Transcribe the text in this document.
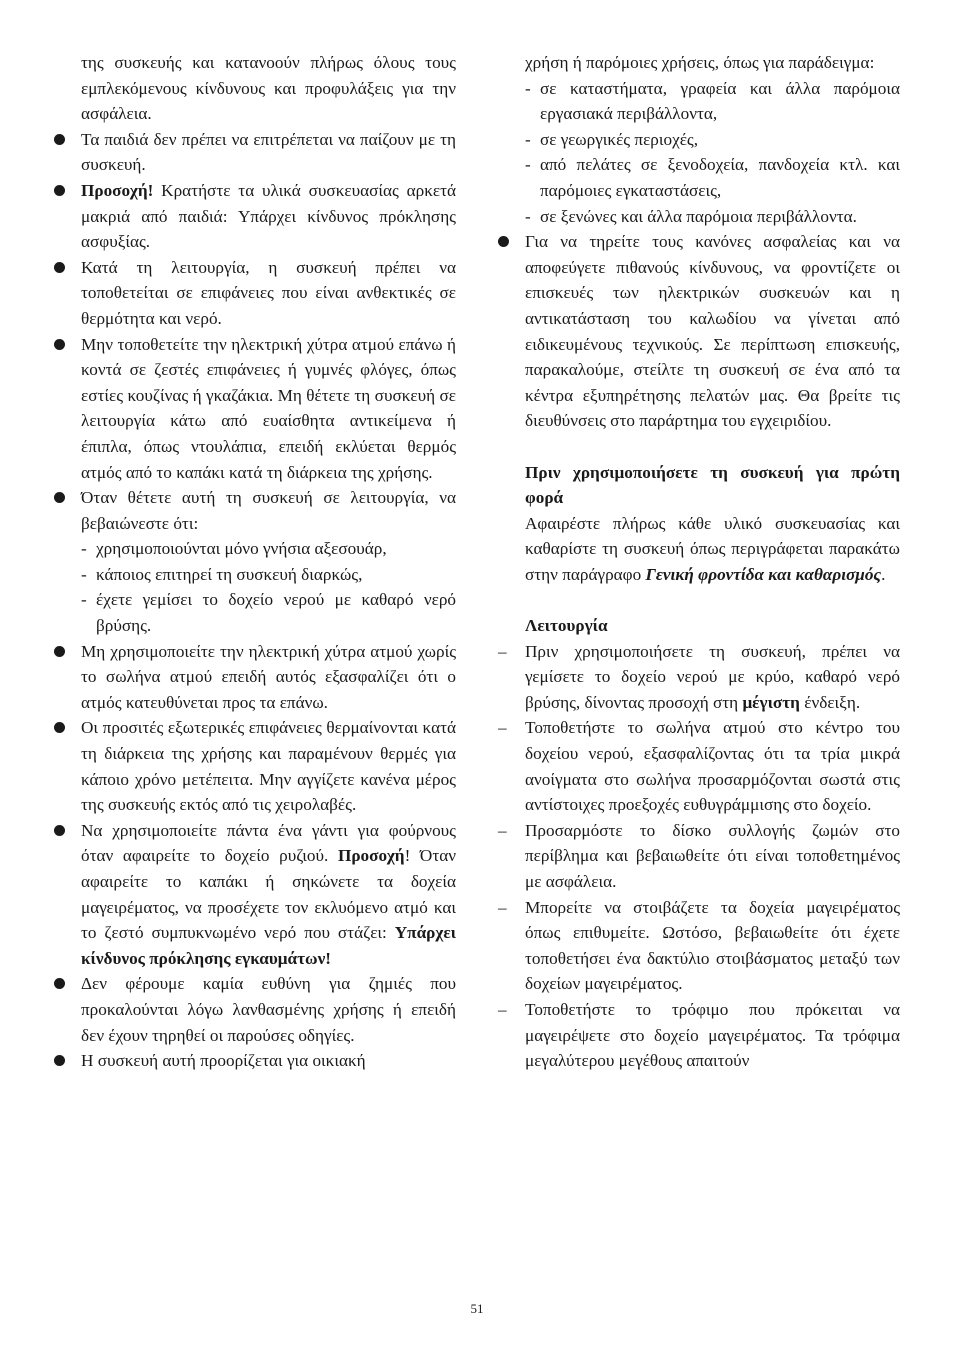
της συσκευής και κατανοούν πλήρως όλους τους εμπλεκόμενους κίνδυνους και προφυλάξεις για την ασφάλεια.

Τα παιδιά δεν πρέπει να επιτρέπεται να παίζουν με τη συσκευή.

Προσοχή! Κρατήστε τα υλικά συσκευασίας αρκετά μακριά από παιδιά: Υπάρχει κίνδυνος πρόκλησης ασφυξίας.

Κατά τη λειτουργία, η συσκευή πρέπει να τοποθετείται σε επιφάνειες που είναι ανθεκτικές σε θερμότητα και νερό.

Μην τοποθετείτε την ηλεκτρική χύτρα ατμού επάνω ή κοντά σε ζεστές επιφάνειες ή γυμνές φλόγες, όπως εστίες κουζίνας ή γκαζάκια. Μη θέτετε τη συσκευή σε λειτουργία κάτω από ευαίσθητα αντικείμενα ή έπιπλα, όπως ντουλάπια, επειδή εκλύεται θερμός ατμός από το καπάκι κατά τη διάρκεια της χρήσης.

Όταν θέτετε αυτή τη συσκευή σε λειτουργία, να βεβαιώνεστε ότι:

- χρησιμοποιούνται μόνο γνήσια αξεσουάρ,

- κάποιος επιτηρεί τη συσκευή διαρκώς,

- έχετε γεμίσει το δοχείο νερού με καθαρό νερό βρύσης.

Μη χρησιμοποιείτε την ηλεκτρική χύτρα ατμού χωρίς το σωλήνα ατμού επειδή αυτός εξασφαλίζει ότι ο ατμός κατευθύνεται προς τα επάνω.

Οι προσιτές εξωτερικές επιφάνειες θερμαίνονται κατά τη διάρκεια της χρήσης και παραμένουν θερμές για κάποιο χρόνο μετέπειτα. Μην αγγίζετε κανένα μέρος της συσκευής εκτός από τις χειρολαβές.

Να χρησιμοποιείτε πάντα ένα γάντι για φούρνους όταν αφαιρείτε το δοχείο ρυζιού. Προσοχή! Όταν αφαιρείτε το καπάκι ή σηκώνετε τα δοχεία μαγειρέματος, να προσέχετε τον εκλυόμενο ατμό και το ζεστό συμπυκνωμένο νερό που στάζει: Υπάρχει κίνδυνος πρόκλησης εγκαυμάτων!

Δεν φέρουμε καμία ευθύνη για ζημιές που προκαλούνται λόγω λανθασμένης χρήσης ή επειδή δεν έχουν τηρηθεί οι παρούσες οδηγίες.

Η συσκευή αυτή προορίζεται για οικιακή

χρήση ή παρόμοιες χρήσεις, όπως για παράδειγμα:

- σε καταστήματα, γραφεία και άλλα παρόμοια εργασιακά περιβάλλοντα,

- σε γεωργικές περιοχές,

- από πελάτες σε ξενοδοχεία, πανδοχεία κτλ. και παρόμοιες εγκαταστάσεις,

- σε ξενώνες και άλλα παρόμοια περιβάλλοντα.

Για να τηρείτε τους κανόνες ασφαλείας και να αποφεύγετε πιθανούς κίνδυνους, να φροντίζετε οι επισκευές των ηλεκτρικών συσκευών και η αντικατάσταση του καλωδίου να γίνεται από ειδικευμένους τεχνικούς. Σε περίπτωση επισκευής, παρακαλούμε, στείλτε τη συσκευή σε ένα από τα κέντρα εξυπηρέτησης πελατών μας. Θα βρείτε τις διευθύνσεις στο παράρτημα του εγχειριδίου.

Πριν χρησιμοποιήσετε τη συσκευή για πρώτη φορά

Αφαιρέστε πλήρως κάθε υλικό συσκευασίας και καθαρίστε τη συσκευή όπως περιγράφεται παρακάτω στην παράγραφο Γενική φροντίδα και καθαρισμός.

Λειτουργία

– Πριν χρησιμοποιήσετε τη συσκευή, πρέπει να γεμίσετε το δοχείο νερού με κρύο, καθαρό νερό βρύσης, δίνοντας προσοχή στη μέγιστη ένδειξη.

– Τοποθετήστε το σωλήνα ατμού στο κέντρο του δοχείου νερού, εξασφαλίζοντας ότι τα τρία μικρά ανοίγματα στο σωλήνα προσαρμόζονται σωστά στις αντίστοιχες προεξοχές ευθυγράμμισης στο δοχείο.

– Προσαρμόστε το δίσκο συλλογής ζωμών στο περίβλημα και βεβαιωθείτε ότι είναι τοποθετημένος με ασφάλεια.

– Μπορείτε να στοιβάζετε τα δοχεία μαγειρέματος όπως επιθυμείτε. Ωστόσο, βεβαιωθείτε ότι έχετε τοποθετήσει ένα δακτύλιο στοιβάσματος μεταξύ των δοχείων μαγειρέματος.

– Τοποθετήστε το τρόφιμο που πρόκειται να μαγειρέψετε στο δοχείο μαγειρέματος. Τα τρόφιμα μεγαλύτερου μεγέθους απαιτούν

51
